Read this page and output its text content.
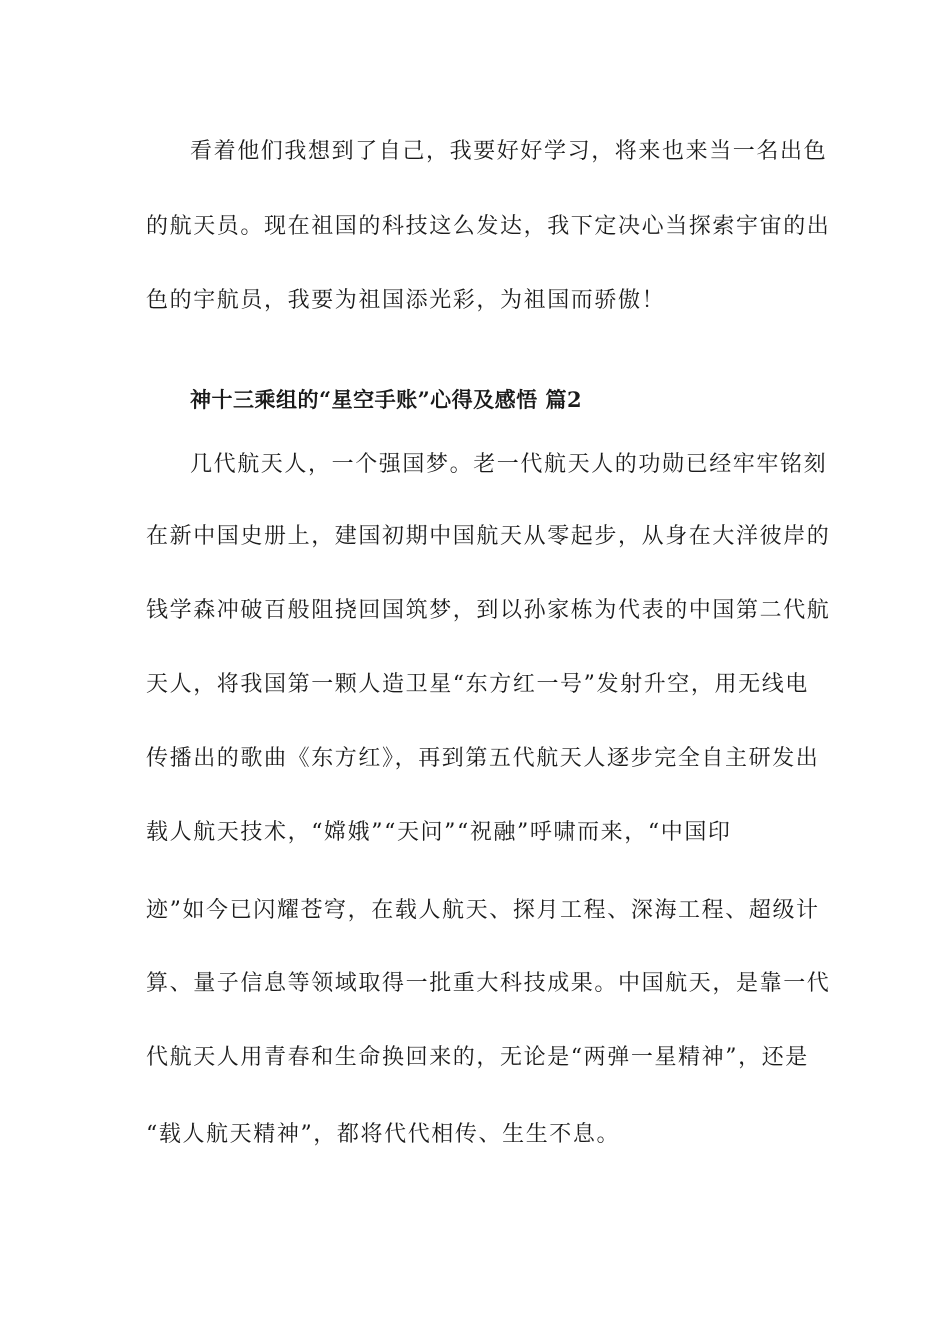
看着他们我想到了自己，我要好好学习，将来也来当一名出色
的航天员。现在祖国的科技这么发达，我下定决心当探索宇宙的出
色的宇航员，我要为祖国添光彩，为祖国而骄傲！
神十三乘组的“星空手账”心得及感悟 篇2
几代航天人，一个强国梦。老一代航天人的功勋已经牢牢铭刻
在新中国史册上，建国初期中国航天从零起步，从身在大洋彼岸的
钱学森冲破百般阻挠回国筑梦，到以孙家栋为代表的中国第二代航
天人，将我国第一颗人造卫星“东方红一号”发射升空，用无线电
传播出的歌曲《东方红》，再到第五代航天人逐步完全自主研发出
载人航天技术，“嫦娥”“天问”“祝融”呼啸而来，“中国印
迹”如今已闪耀苍穹，在载人航天、探月工程、深海工程、超级计
算、量子信息等领域取得一批重大科技成果。中国航天，是靠一代
代航天人用青春和生命换回来的，无论是“两弹一星精神”，还是
“载人航天精神”，都将代代相传、生生不息。
